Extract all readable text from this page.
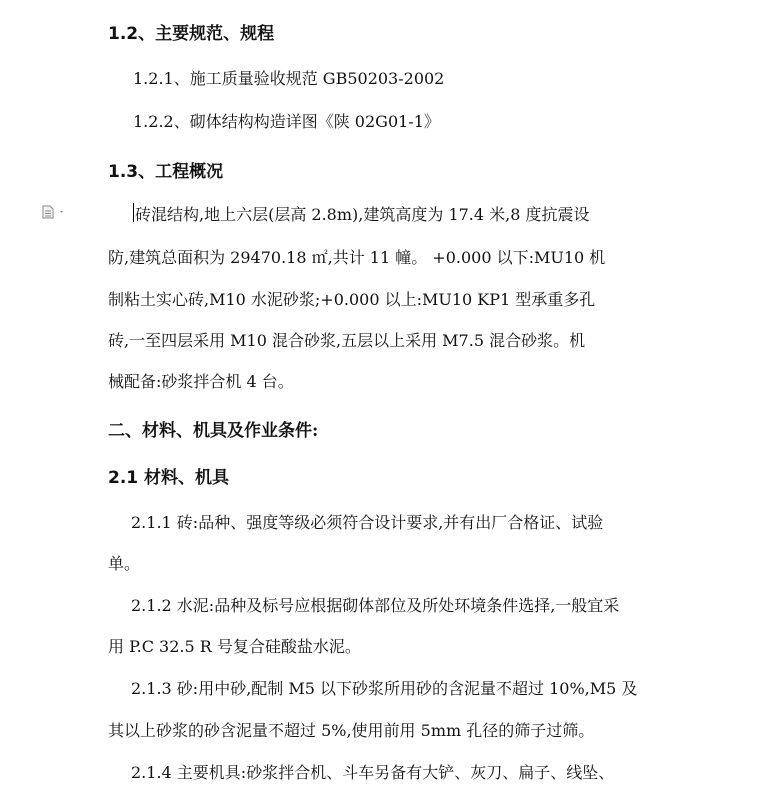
1.2、主要规范、规程
1.2.1、施工质量验收规范 GB50203-2002
1.2.2、砌体结构构造详图《陕 02G01-1》
1.3、工程概况
砖混结构,地上六层(层高 2.8m),建筑高度为 17.4 米,8 度抗震设
防,建筑总面积为 29470.18 ㎡,共计 11 幢。 +0.000 以下:MU10 机
制粘土实心砖,M10 水泥砂浆;+0.000 以上:MU10 KP1 型承重多孔
砖,一至四层采用 M10 混合砂浆,五层以上采用 M7.5 混合砂浆。机
械配备:砂浆拌合机 4 台。
二、材料、机具及作业条件:
2.1 材料、机具
2.1.1 砖:品种、强度等级必须符合设计要求,并有出厂合格证、试验
单。
2.1.2 水泥:品种及标号应根据砌体部位及所处环境条件选择,一般宜采
用 P.C 32.5 R 号复合硅酸盐水泥。
2.1.3 砂:用中砂,配制 M5 以下砂浆所用砂的含泥量不超过 10%,M5 及
其以上砂浆的砂含泥量不超过 5%,使用前用 5mm 孔径的筛子过筛。
2.1.4 主要机具:砂浆拌合机、斗车另备有大铲、灰刀、扁子、线坠、
